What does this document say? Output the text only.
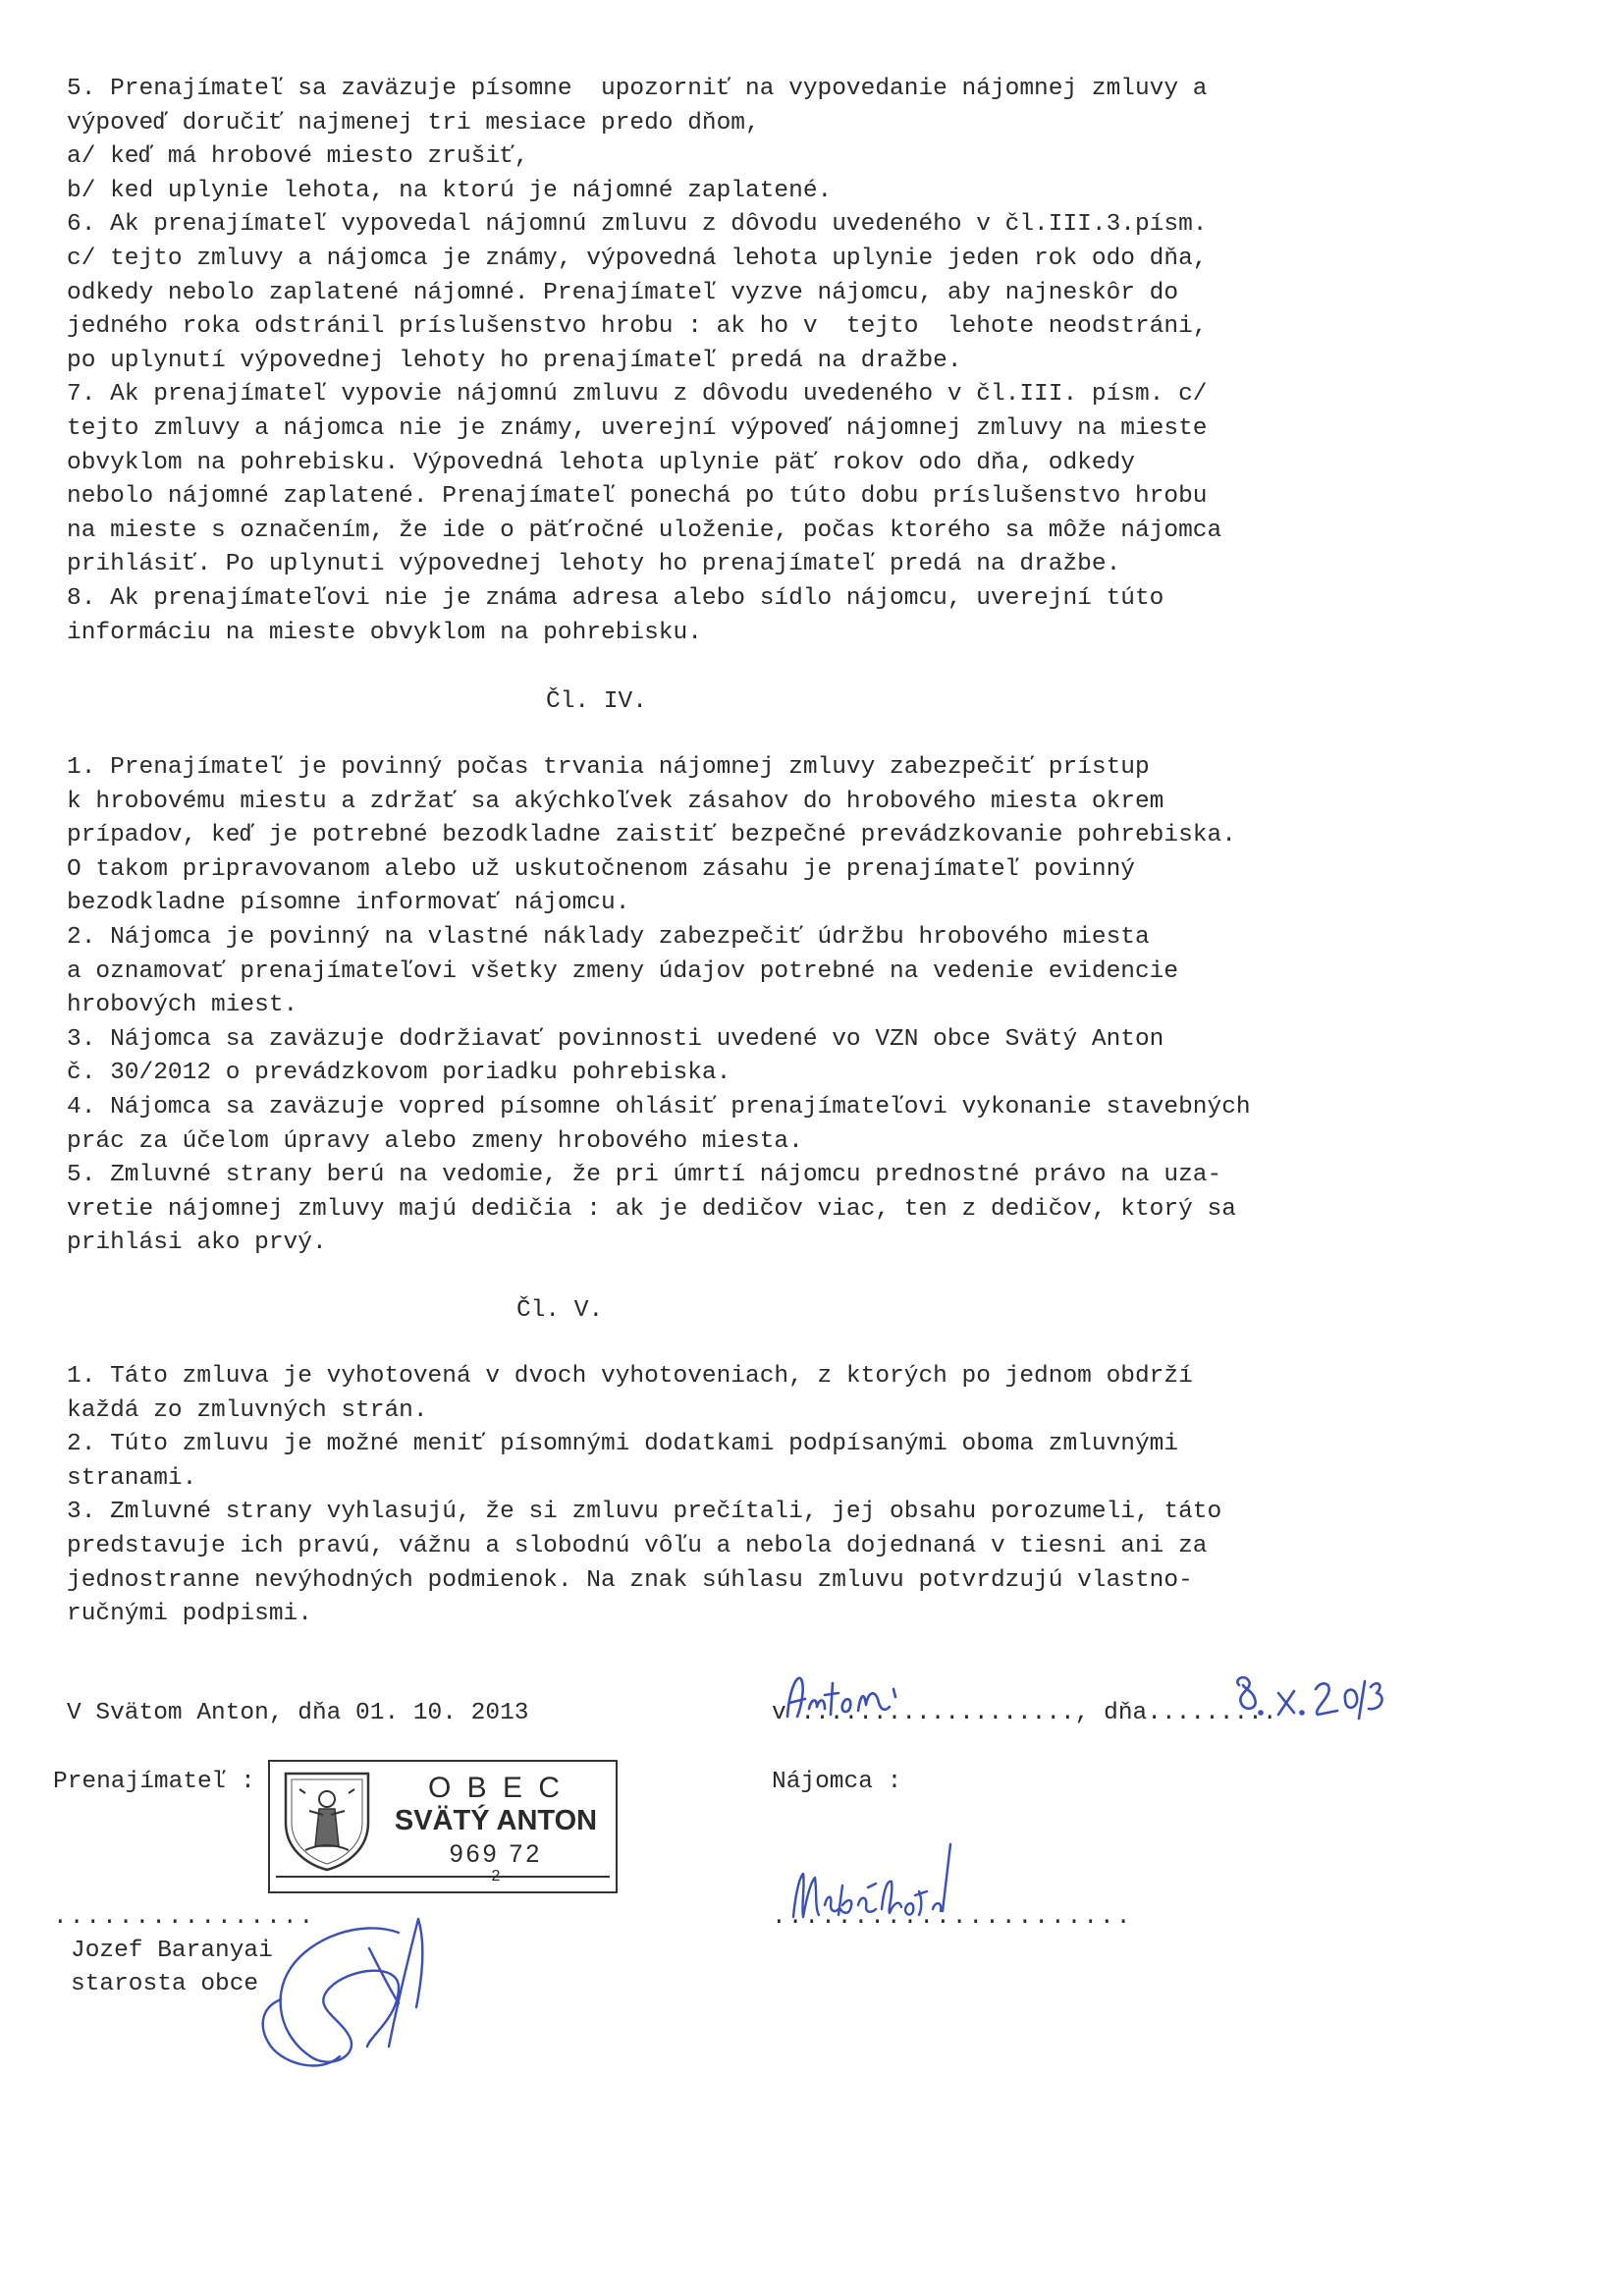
5. Prenajímateľ sa zaväzuje písomne  upozorniť na vypovedanie nájomnej zmluvy a
výpoveď doručiť najmenej tri mesiace predo dňom,
a/ keď má hrobové miesto zrušiť,
b/ ked uplynie lehota, na ktorú je nájomné zaplatené.
6. Ak prenajímateľ vypovedal nájomnú zmluvu z dôvodu uvedeného v čl.III.3.písm.
c/ tejto zmluvy a nájomca je známy, výpovedná lehota uplynie jeden rok odo dňa,
odkedy nebolo zaplatené nájomné. Prenajímateľ vyzve nájomcu, aby najneskôr do
jedného roka odstránil príslušenstvo hrobu : ak ho v  tejto  lehote neodstráni,
po uplynutí výpovednej lehoty ho prenajímateľ predá na dražbe.
7. Ak prenajímateľ vypovie nájomnú zmluvu z dôvodu uvedeného v čl.III. písm. c/
tejto zmluvy a nájomca nie je známy, uverejní výpoveď nájomnej zmluvy na mieste
obvyklom na pohrebisku. Výpovedná lehota uplynie päť rokov odo dňa, odkedy
nebolo nájomné zaplatené. Prenajímateľ ponechá po túto dobu príslušenstvo hrobu
na mieste s označením, že ide o päťročné uloženie, počas ktorého sa môže nájomca
prihlásiť. Po uplynuti výpovednej lehoty ho prenajímateľ predá na dražbe.
8. Ak prenajímateľovi nie je známa adresa alebo sídlo nájomcu, uverejní túto
informáciu na mieste obvyklom na pohrebisku.
Čl. IV.
1. Prenajímateľ je povinný počas trvania nájomnej zmluvy zabezpečiť prístup
k hrobovému miestu a zdržať sa akýchkoľvek zásahov do hrobového miesta okrem
prípadov, keď je potrebné bezodkladne zaistiť bezpečné prevádzkovanie pohrebiska.
O takom pripravovanom alebo už uskutočnenom zásahu je prenajímateľ povinný
bezodkladne písomne informovať nájomcu.
2. Nájomca je povinný na vlastné náklady zabezpečiť údržbu hrobového miesta
a oznamovať prenajímateľovi všetky zmeny údajov potrebné na vedenie evidencie
hrobových miest.
3. Nájomca sa zaväzuje dodržiavať povinnosti uvedené vo VZN obce Svätý Anton
č. 30/2012 o prevádzkovom poriadku pohrebiska.
4. Nájomca sa zaväzuje vopred písomne ohlásiť prenajímateľovi vykonanie stavebných
prác za účelom úpravy alebo zmeny hrobového miesta.
5. Zmluvné strany berú na vedomie, že pri úmrtí nájomcu prednostné právo na uza-
vretie nájomnej zmluvy majú dedičia : ak je dedičov viac, ten z dedičov, ktorý sa
prihlási ako prvý.
Čl. V.
1. Táto zmluva je vyhotovená v dvoch vyhotoveniach, z ktorých po jednom obdrží
každá zo zmluvných strán.
2. Túto zmluvu je možné meniť písomnými dodatkami podpísanými oboma zmluvnými
stranami.
3. Zmluvné strany vyhlasujú, že si zmluvu prečítali, jej obsahu porozumeli, táto
predstavuje ich pravú, vážnu a slobodnú vôľu a nebola dojednaná v tiesni ani za
jednostranne nevýhodných podmienok. Na znak súhlasu zmluvu potvrdzujú vlastno-
ručnými podpismi.
V Svätom Anton, dňa 01. 10. 2013	v ..................., dňa.........
Prenajímateľ :	Nájomca :
................	......................
Jozef Baranyai
starosta obce
O B E C
SVÄTÝ ANTON
969 72
-2-
